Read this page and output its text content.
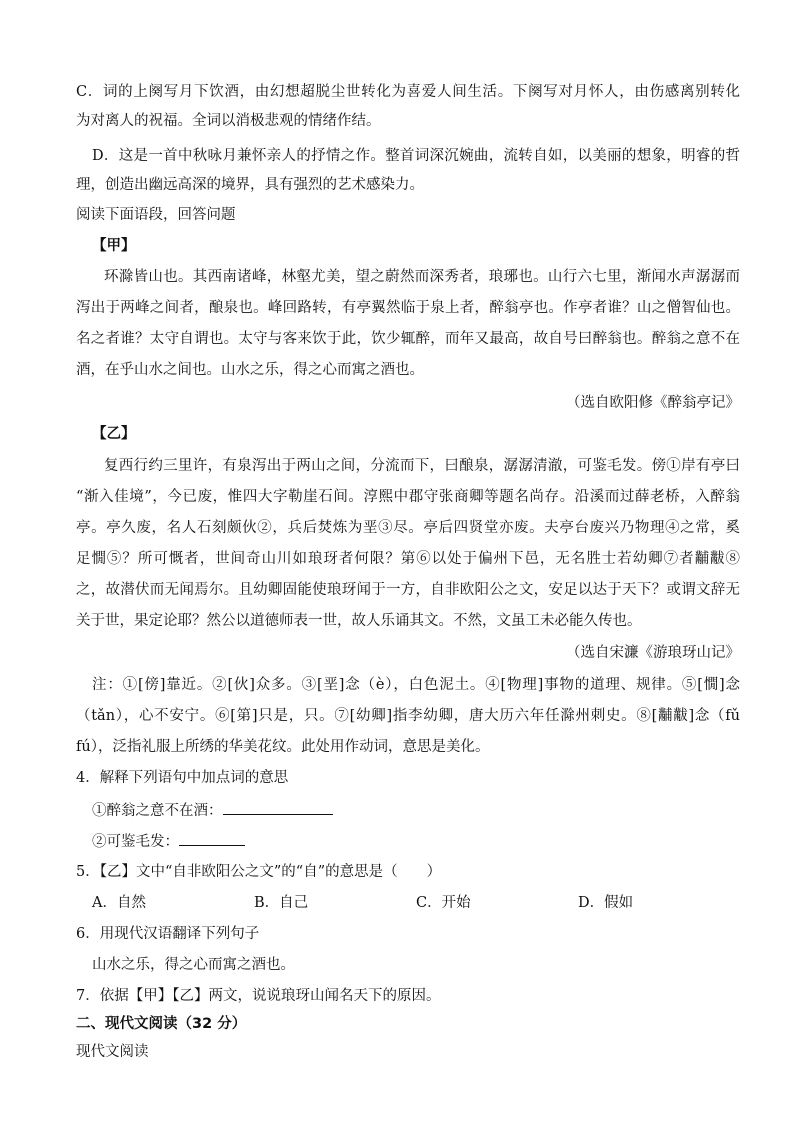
C．词的上阕写月下饮酒，由幻想超脱尘世转化为喜爱人间生活。下阕写对月怀人，由伤感离别转化
为对离人的祝福。全词以消极悲观的情绪作结。
D．这是一首中秋咏月兼怀亲人的抒情之作。整首词深沉婉曲，流转自如，以美丽的想象，明睿的哲
理，创造出幽远高深的境界，具有强烈的艺术感染力。
阅读下面语段，回答问题
【甲】
环滁皆山也。其西南诸峰，林壑尤美，望之蔚然而深秀者，琅琊也。山行六七里，渐闻水声潺潺而
泻出于两峰之间者，酿泉也。峰回路转，有亭翼然临于泉上者，醉翁亭也。作亭者谁？山之僧智仙也。
名之者谁？太守自谓也。太守与客来饮于此，饮少辄醉，而年又最高，故自号曰醉翁也。醉翁之意不在
酒，在乎山水之间也。山水之乐，得之心而寓之酒也。
（选自欧阳修《醉翁亭记》
【乙】
复西行约三里许，有泉泻出于两山之间，分流而下，曰酿泉，潺潺清澈，可鉴毛发。傍①岸有亭曰
“渐入佳境”，今已废，惟四大字勒崖石间。淳熙中郡守张商卿等题名尚存。沿溪而过薛老桥，入醉翁
亭。亭久废，名人石刻颇伙②，兵后焚炼为垩③尽。亭后四贤堂亦废。夫亭台废兴乃物理④之常，奚
足憪⑤？所可慨者，世间奇山川如琅玡者何限？第⑥以处于偏州下邑，无名胜士若幼卿⑦者黼黻⑧
之，故潜伏而无闻焉尔。且幼卿固能使琅玡闻于一方，自非欧阳公之文，安足以达于天下？或谓文辞无
关于世，果定论耶？然公以道德师表一世，故人乐诵其文。不然，文虽工未必能久传也。
（选自宋濂《游琅玡山记》
注：①[傍]靠近。②[伙]众多。③[垩]念（è），白色泥土。④[物理]事物的道理、规律。⑤[憪]念
（tǎn），心不安宁。⑥[第]只是，只。⑦[幼卿]指李幼卿，唐大历六年任滁州刺史。⑧[黼黻]念（fǔ
fú），泛指礼服上所绣的华美花纹。此处用作动词，意思是美化。
4．解释下列语句中加点词的意思
①醉翁之意不在酒：
②可鉴毛发：
5．【乙】文中“自非欧阳公之文”的“自”的意思是（　　）
A．自然	B．自己	C．开始	D．假如
6．用现代汉语翻译下列句子
山水之乐，得之心而寓之酒也。
7．依据【甲】【乙】两文，说说琅玡山闻名天下的原因。
二、现代文阅读（32 分）
现代文阅读
